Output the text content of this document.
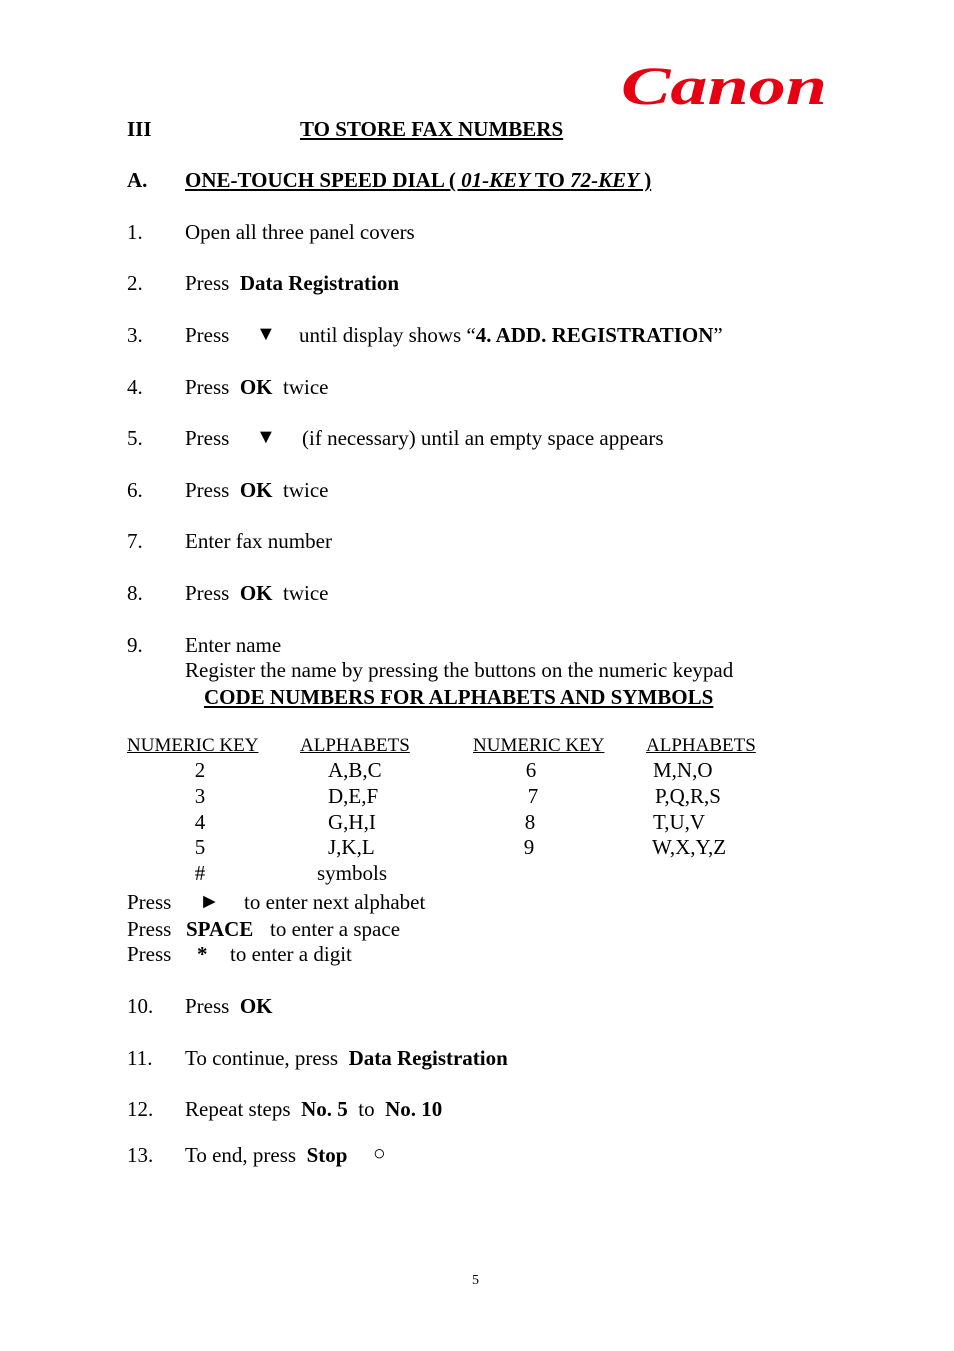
Canon
III	TO STORE FAX NUMBERS
A. ONE-TOUCH SPEED DIAL ( 01-KEY TO 72-KEY )
1. Open all three panel covers
2. Press Data Registration
3. Press ▼ until display shows “4. ADD. REGISTRATION”
4. Press OK twice
5. Press ▼ (if necessary) until an empty space appears
6. Press OK twice
7. Enter fax number
8. Press OK twice
9. Enter name
Register the name by pressing the buttons on the numeric keypad
CODE NUMBERS FOR ALPHABETS AND SYMBOLS
NUMERIC KEY ALPHABETS	NUMERIC KEY ALPHABETS
2
3
4
5
#
A,B,C
D,E,F
G,H,I
J,K,L
symbols
6
7
8
9
M,N,O
P,Q,R,S
T,U,V
W,X,Y,Z
Press ► to enter next alphabet
Press SPACE to enter a space
Press * to enter a digit
10. Press OK
11. To continue, press Data Registration
12. Repeat steps No. 5 to No. 10
13. To end, press Stop ○
5
